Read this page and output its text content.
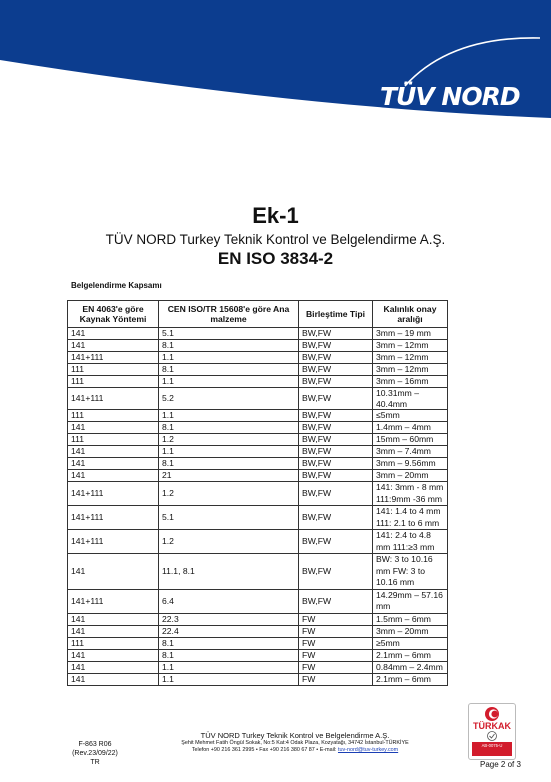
TÜV NORD
Ek-1
TÜV NORD Turkey Teknik Kontrol ve Belgelendirme A.Ş.
EN ISO 3834-2
Belgelendirme Kapsamı
EN 4063'e göre Kaynak Yöntemi	CEN ISO/TR 15608'e göre Ana malzeme	Birleştime Tipi	Kalınlık onay aralığı
141	5.1	BW,FW	3mm – 19 mm
141	8.1	BW,FW	3mm – 12mm
141+111	1.1	BW,FW	3mm – 12mm
111	8.1	BW,FW	3mm – 12mm
111	1.1	BW,FW	3mm – 16mm
141+111	5.2	BW,FW	10.31mm – 40.4mm
111	1.1	BW,FW	≤5mm
141	8.1	BW,FW	1.4mm – 4mm
111	1.2	BW,FW	15mm – 60mm
141	1.1	BW,FW	3mm – 7.4mm
141	8.1	BW,FW	3mm – 9.56mm
141	21	BW,FW	3mm – 20mm
141+111	1.2	BW,FW	141: 3mm - 8 mm 111:9mm -36 mm
141+111	5.1	BW,FW	141: 1.4 to 4 mm 111: 2.1 to 6 mm
141+111	1.2	BW,FW	141: 2.4 to 4.8 mm 111:≥3 mm
141	11.1, 8.1	BW,FW	BW: 3 to 10.16 mm FW: 3 to 10.16 mm
141+111	6.4	BW,FW	14.29mm – 57.16 mm
141	22.3	FW	1.5mm – 6mm
141	22.4	FW	3mm – 20mm
111	8.1	FW	≥5mm
141	8.1	FW	2.1mm – 6mm
141	1.1	FW	0.84mm – 2.4mm
141	1.1	FW	2.1mm – 6mm
F-863 R06
(Rev.23/09/22)
TR
TÜV NORD Turkey Teknik Kontrol ve Belgelendirme A.Ş.
Şehit Mehmet Fatih Öngül Sokak, No:5 Kat:4 Odak Plaza, Kozyatağı, 34742 İstanbul-TÜRKİYE
Telefon +90 216 361 2995 • Fax +90 216 380 67 87 • E-mail: tuv-nord@tuv-turkey.com
TÜRKAK
AB-0075-U
Page 2 of 3
